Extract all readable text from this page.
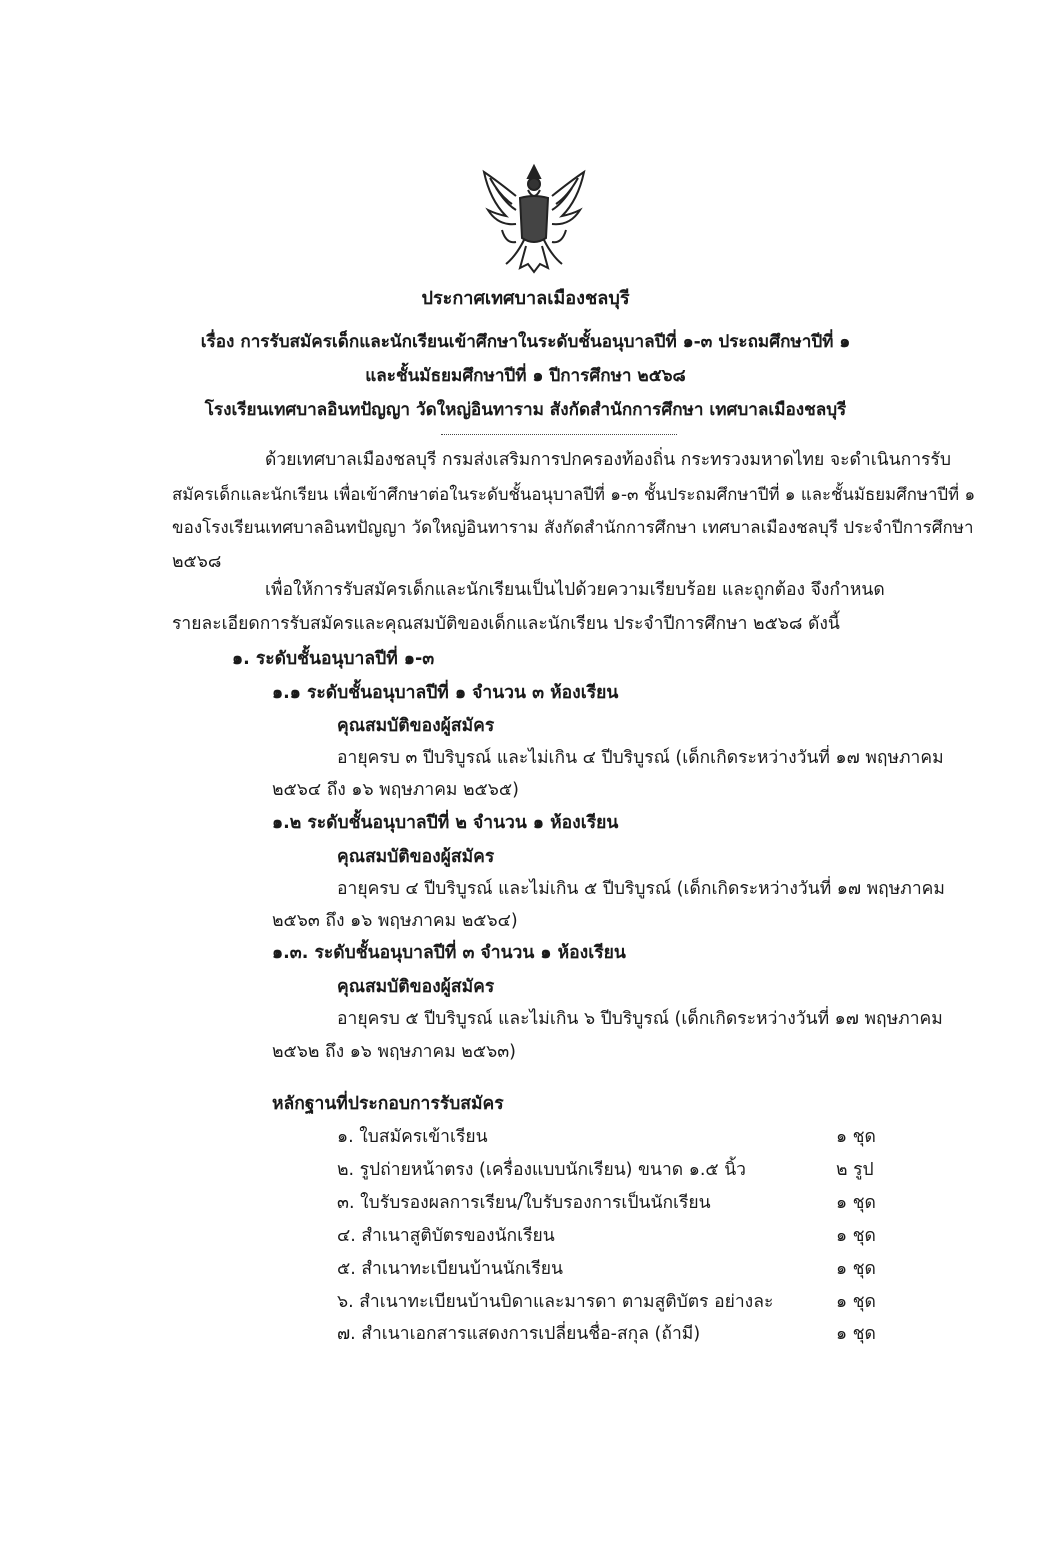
ประกาศเทศบาลเมืองชลบุรี
เรื่อง การรับสมัครเด็กและนักเรียนเข้าศึกษาในระดับชั้นอนุบาลปีที่ ๑-๓ ประถมศึกษาปีที่ ๑
และชั้นมัธยมศึกษาปีที่ ๑ ปีการศึกษา ๒๕๖๘
โรงเรียนเทศบาลอินทปัญญา วัดใหญ่อินทาราม สังกัดสำนักการศึกษา เทศบาลเมืองชลบุรี
ด้วยเทศบาลเมืองชลบุรี กรมส่งเสริมการปกครองท้องถิ่น กระทรวงมหาดไทย จะดำเนินการรับ
สมัครเด็กและนักเรียน เพื่อเข้าศึกษาต่อในระดับชั้นอนุบาลปีที่ ๑-๓ ชั้นประถมศึกษาปีที่ ๑ และชั้นมัธยมศึกษาปีที่ ๑
ของโรงเรียนเทศบาลอินทปัญญา วัดใหญ่อินทาราม สังกัดสำนักการศึกษา เทศบาลเมืองชลบุรี ประจำปีการศึกษา
๒๕๖๘
เพื่อให้การรับสมัครเด็กและนักเรียนเป็นไปด้วยความเรียบร้อย และถูกต้อง จึงกำหนด
รายละเอียดการรับสมัครและคุณสมบัติของเด็กและนักเรียน ประจำปีการศึกษา ๒๕๖๘ ดังนี้
๑. ระดับชั้นอนุบาลปีที่ ๑-๓
๑.๑ ระดับชั้นอนุบาลปีที่ ๑ จำนวน ๓ ห้องเรียน
คุณสมบัติของผู้สมัคร
อายุครบ ๓ ปีบริบูรณ์ และไม่เกิน ๔ ปีบริบูรณ์ (เด็กเกิดระหว่างวันที่ ๑๗ พฤษภาคม
๒๕๖๔ ถึง ๑๖ พฤษภาคม ๒๕๖๕)
๑.๒ ระดับชั้นอนุบาลปีที่ ๒ จำนวน ๑ ห้องเรียน
คุณสมบัติของผู้สมัคร
อายุครบ ๔ ปีบริบูรณ์ และไม่เกิน ๕ ปีบริบูรณ์ (เด็กเกิดระหว่างวันที่ ๑๗ พฤษภาคม
๒๕๖๓ ถึง ๑๖ พฤษภาคม ๒๕๖๔)
๑.๓. ระดับชั้นอนุบาลปีที่ ๓ จำนวน ๑ ห้องเรียน
คุณสมบัติของผู้สมัคร
อายุครบ ๕ ปีบริบูรณ์ และไม่เกิน ๖ ปีบริบูรณ์ (เด็กเกิดระหว่างวันที่ ๑๗ พฤษภาคม
๒๕๖๒ ถึง ๑๖ พฤษภาคม ๒๕๖๓)
หลักฐานที่ประกอบการรับสมัคร
๑. ใบสมัครเข้าเรียน	๑ ชุด
๒. รูปถ่ายหน้าตรง (เครื่องแบบนักเรียน) ขนาด ๑.๕ นิ้ว	๒ รูป
๓. ใบรับรองผลการเรียน/ใบรับรองการเป็นนักเรียน	๑ ชุด
๔. สำเนาสูติบัตรของนักเรียน	๑ ชุด
๕. สำเนาทะเบียนบ้านนักเรียน	๑ ชุด
๖. สำเนาทะเบียนบ้านบิดาและมารดา ตามสูติบัตร อย่างละ	๑ ชุด
๗. สำเนาเอกสารแสดงการเปลี่ยนชื่อ-สกุล (ถ้ามี)	๑ ชุด
